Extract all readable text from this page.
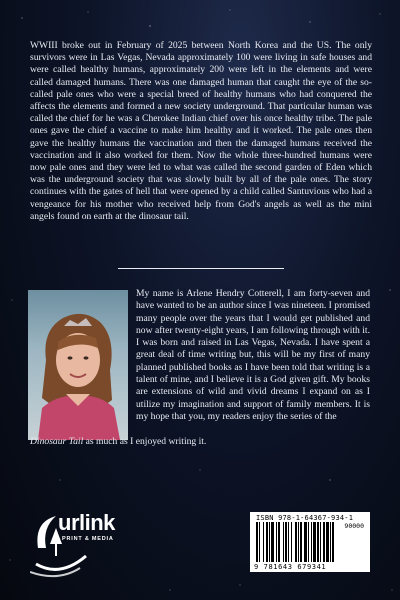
WWIII broke out in February of 2025 between North Korea and the US. The only survivors were in Las Vegas, Nevada approximately 100 were living in safe houses and were called healthy humans, approximately 200 were left in the elements and were called damaged humans. There was one damaged human that caught the eye of the so-called pale ones who were a special breed of healthy humans who had conquered the affects the elements and formed a new society underground. That particular human was called the chief for he was a Cherokee Indian chief over his once healthy tribe. The pale ones gave the chief a vaccine to make him healthy and it worked. The pale ones then gave the healthy humans the vaccination and then the damaged humans received the vaccination and it also worked for them. Now the whole three-hundred humans were now pale ones and they were led to what was called the second garden of Eden which was the underground society that was slowly built by all of the pale ones. The story continues with the gates of hell that were opened by a child called Santuvious who had a vengeance for his mother who received help from God's angels as well as the mini angels found on earth at the dinosaur tail.

My name is Arlene Hendry Cotterell, I am forty-seven and have wanted to be an author since I was nineteen. I promised many people over the years that I would get published and now after twenty-eight years, I am following through with it. I was born and raised in Las Vegas, Nevada. I have spent a great deal of time writing but, this will be my first of many planned published books as I have been told that writing is a talent of mine, and I believe it is a God given gift. My books are extensions of wild and vivid dreams I expand on as I utilize my imagination and support of family members. It is my hope that you, my readers enjoy the series of the

Dinosaur Tail as much as I enjoyed writing it.

urlink
PRINT & MEDIA
ISBN 978-1-64367-934-1
90000
9 781643 679341
